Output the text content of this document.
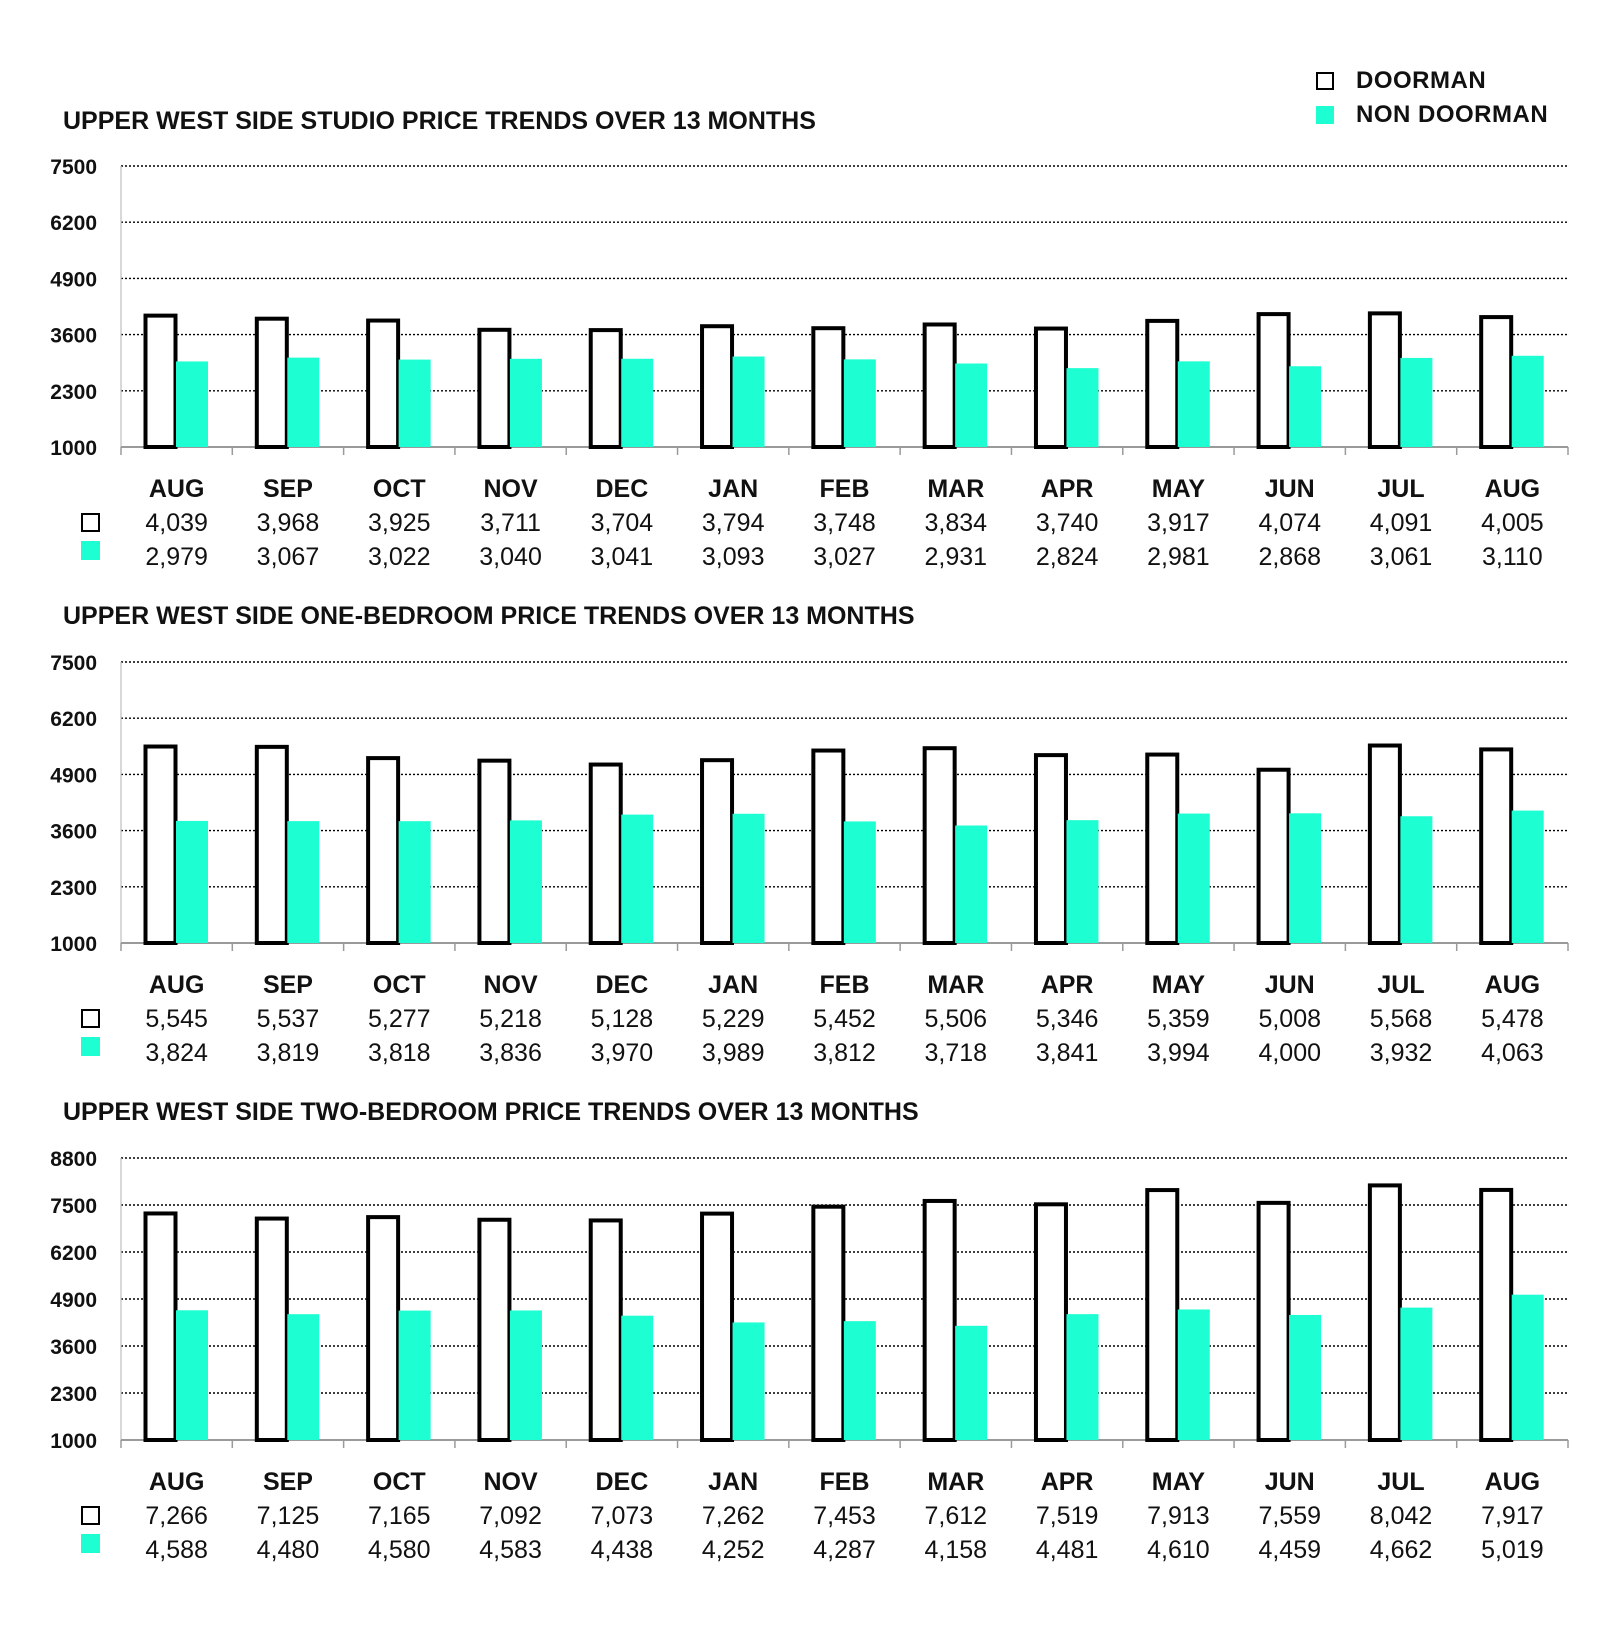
DOORMAN
NON DOORMAN
UPPER WEST SIDE STUDIO PRICE TRENDS OVER 13 MONTHS
1000
2300
3600
4900
6200
7500
AUG
4,039
2,979
SEP
3,968
3,067
OCT
3,925
3,022
NOV
3,711
3,040
DEC
3,704
3,041
JAN
3,794
3,093
FEB
3,748
3,027
MAR
3,834
2,931
APR
3,740
2,824
MAY
3,917
2,981
JUN
4,074
2,868
JUL
4,091
3,061
AUG
4,005
3,110
UPPER WEST SIDE ONE-BEDROOM PRICE TRENDS OVER 13 MONTHS
1000
2300
3600
4900
6200
7500
AUG
5,545
3,824
SEP
5,537
3,819
OCT
5,277
3,818
NOV
5,218
3,836
DEC
5,128
3,970
JAN
5,229
3,989
FEB
5,452
3,812
MAR
5,506
3,718
APR
5,346
3,841
MAY
5,359
3,994
JUN
5,008
4,000
JUL
5,568
3,932
AUG
5,478
4,063
UPPER WEST SIDE TWO-BEDROOM PRICE TRENDS OVER 13 MONTHS
1000
2300
3600
4900
6200
7500
8800
AUG
7,266
4,588
SEP
7,125
4,480
OCT
7,165
4,580
NOV
7,092
4,583
DEC
7,073
4,438
JAN
7,262
4,252
FEB
7,453
4,287
MAR
7,612
4,158
APR
7,519
4,481
MAY
7,913
4,610
JUN
7,559
4,459
JUL
8,042
4,662
AUG
7,917
5,019
